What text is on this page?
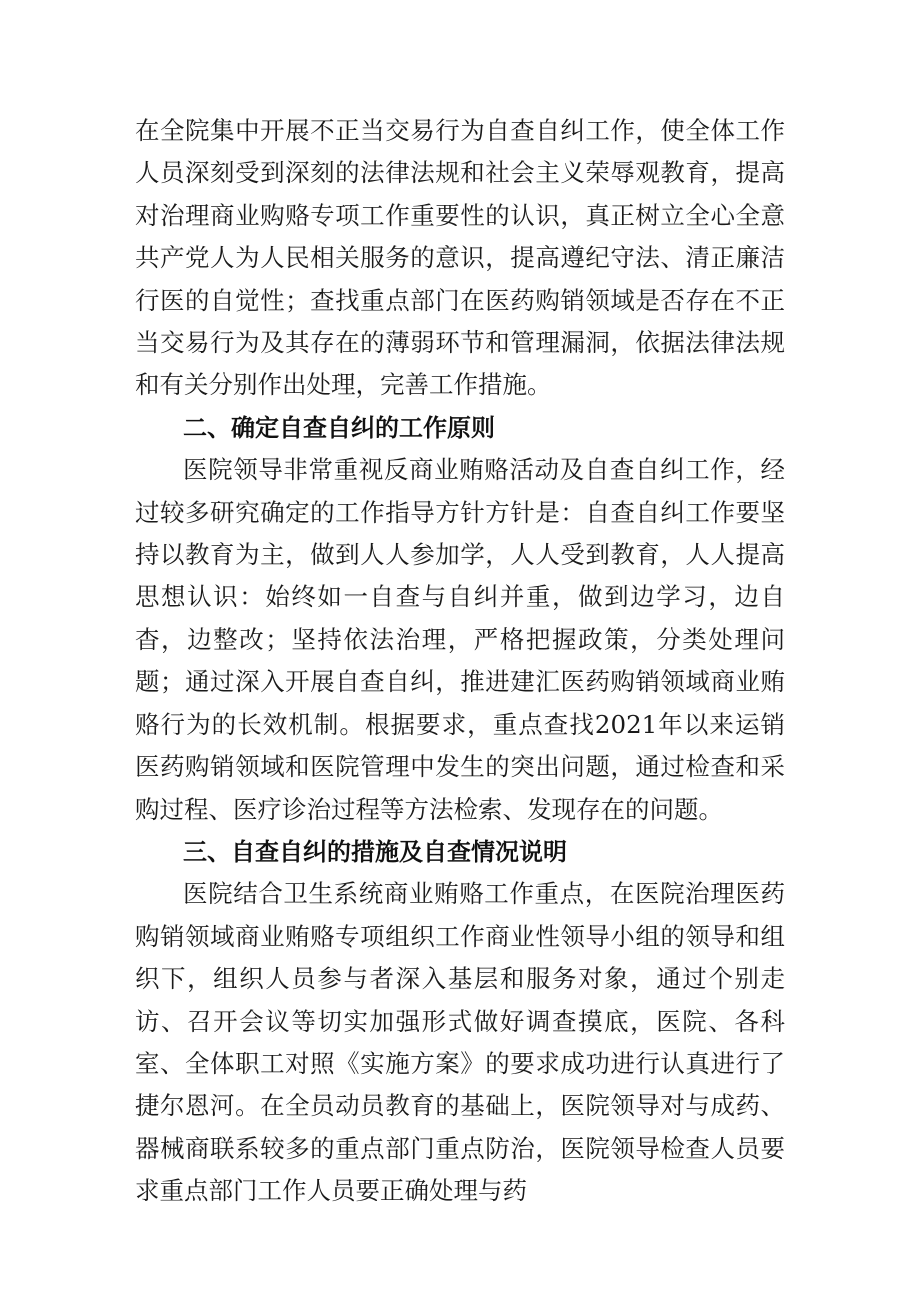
在全院集中开展不正当交易行为自查自纠工作，使全体工作人员深刻受到深刻的法律法规和社会主义荣辱观教育，提高对治理商业购赂专项工作重要性的认识，真正树立全心全意共产党人为人民相关服务的意识，提高遵纪守法、清正廉洁行医的自觉性；查找重点部门在医药购销领域是否存在不正当交易行为及其存在的薄弱环节和管理漏洞，依据法律法规和有关分别作出处理，完善工作措施。

二、确定自查自纠的工作原则

医院领导非常重视反商业贿赂活动及自查自纠工作，经过较多研究确定的工作指导方针方针是：自查自纠工作要坚持以教育为主，做到人人参加学，人人受到教育，人人提高思想认识：始终如一自查与自纠并重，做到边学习，边自杳，边整改；坚持依法治理，严格把握政策，分类处理问题；通过深入开展自查自纠，推进建汇医药购销领域商业贿赂行为的长效机制。根据要求，重点查找2021年以来运销医药购销领域和医院管理中发生的突出问题，通过检查和采购过程、医疗诊治过程等方法检索、发现存在的问题。

三、自查自纠的措施及自查情况说明

医院结合卫生系统商业贿赂工作重点，在医院治理医药购销领域商业贿赂专项组织工作商业性领导小组的领导和组织下，组织人员参与者深入基层和服务对象，通过个别走访、召开会议等切实加强形式做好调查摸底，医院、各科室、全体职工对照《实施方案》的要求成功进行认真进行了捷尔恩河。在全员动员教育的基础上，医院领导对与成药、器械商联系较多的重点部门重点防治，医院领导检查人员要求重点部门工作人员要正确处理与药
